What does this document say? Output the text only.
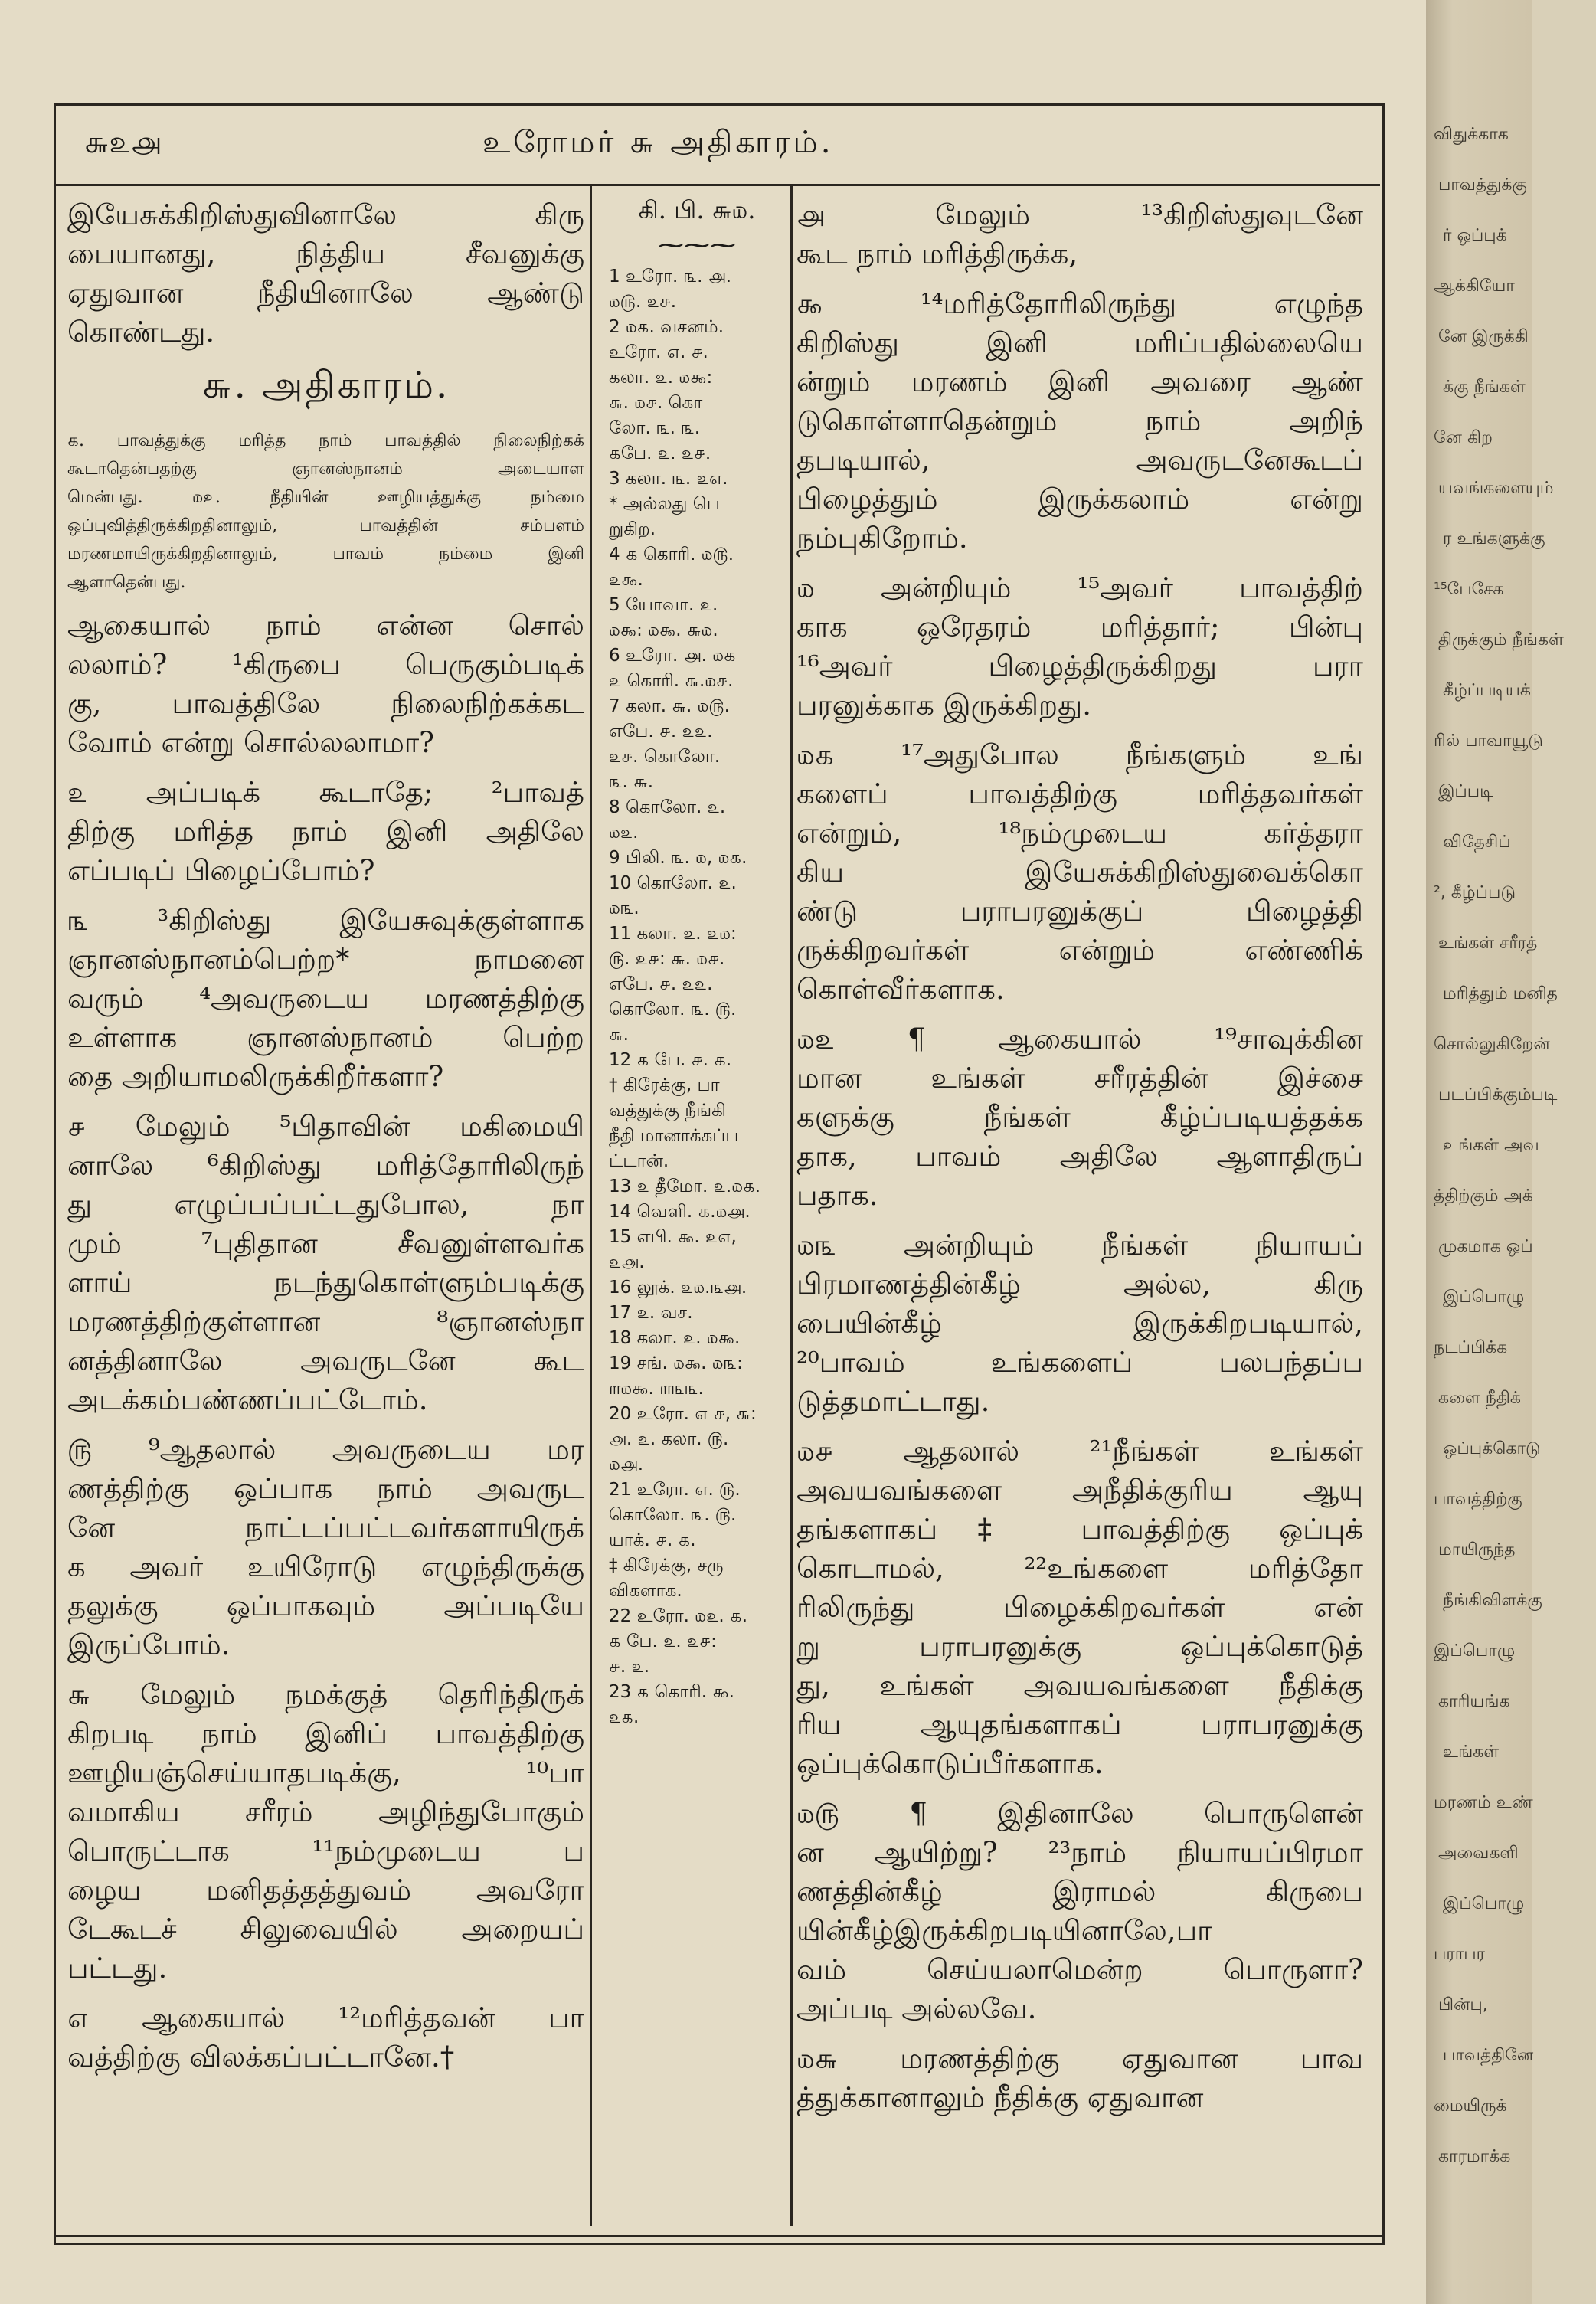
விதுக்காக
பாவத்துக்கு
ர் ஒப்புக்
ஆக்கியோ
னே இருக்கி
க்கு நீங்கள்
னே கிற
யவங்களையும்
ர உங்களுக்கு
¹⁵பேசேக
திருக்கும் நீங்கள்
கீழ்ப்படியக்
ரில் பாவாயூடு
இப்படி
விதேசிப்
², கீழ்ப்படு
உங்கள் சரீரத்
மரித்தும் மனித
சொல்லுகிறேன்
படப்பிக்கும்படி
உங்கள் அவ
த்திற்கும் அக்
முகமாக ஒப்
இப்பொழு
நடப்பிக்க
களை நீதிக்
ஒப்புக்கொடு
பாவத்திற்கு
மாயிருந்த
நீங்கிவிளக்கு
இப்பொழு
காரியங்க
உங்கள்
மரணம் உண்
அவைகளி
இப்பொழு
பராபர
பின்பு,
பாவத்தினே
மையிருக்
காரமாக்க
௬௨௮	உரோமர் ௬ அதிகாரம்.
இயேசுக்கிறிஸ்துவினாலே கிரு
பையானது, நித்திய சீவனுக்கு
ஏதுவான நீதியினாலே ஆண்டு
கொண்டது.
௬. அதிகாரம்.
௧. பாவத்துக்கு மரித்த நாம் பாவத்தில் நிலைநிற்கக்
கூடாதென்பதற்கு ஞானஸ்நானம் அடையாள
மென்பது. ௰௨. நீதியின் ஊழியத்துக்கு நம்மை
ஒப்புவித்திருக்கிறதினாலும், பாவத்தின் சம்பளம்
மரணமாயிருக்கிறதினாலும், பாவம் நம்மை இனி
ஆளாதென்பது.
ஆகையால் நாம் என்ன சொல்
லலாம்? ¹கிருபை பெருகும்படிக்
கு, பாவத்திலே நிலைநிற்கக்கட
வோம் என்று சொல்லலாமா?
௨ அப்படிக் கூடாதே; ²பாவத்
திற்கு மரித்த நாம் இனி அதிலே
எப்படிப் பிழைப்போம்?
௩ ³கிறிஸ்து இயேசுவுக்குள்ளாக
ஞானஸ்நானம்பெற்ற* நாமனை
வரும் ⁴அவருடைய மரணத்திற்கு
உள்ளாக ஞானஸ்நானம் பெற்ற
தை அறியாமலிருக்கிறீர்களா?
௪ மேலும் ⁵பிதாவின் மகிமையி
னாலே ⁶கிறிஸ்து மரித்தோரிலிருந்
து எழுப்பப்பட்டதுபோல, நா
மும் ⁷புதிதான சீவனுள்ளவர்க
ளாய் நடந்துகொள்ளும்படிக்கு
மரணத்திற்குள்ளான ⁸ஞானஸ்நா
னத்தினாலே அவருடனே கூட
அடக்கம்பண்ணப்பட்டோம்.
௫ ⁹ஆதலால் அவருடைய மர
ணத்திற்கு ஒப்பாக நாம் அவருட
னே நாட்டப்பட்டவர்களாயிருக்
க அவர் உயிரோடு எழுந்திருக்கு
தலுக்கு ஒப்பாகவும் அப்படியே
இருப்போம்.
௬ மேலும் நமக்குத் தெரிந்திருக்
கிறபடி நாம் இனிப் பாவத்திற்கு
ஊழியஞ்செய்யாதபடிக்கு, ¹⁰பா
வமாகிய சரீரம் அழிந்துபோகும்
பொருட்டாக ¹¹நம்முடைய ப
ழைய மனிதத்தத்துவம் அவரோ
டேகூடச் சிலுவையில் அறையப்
பட்டது.
௭ ஆகையால் ¹²மரித்தவன் பா
வத்திற்கு விலக்கப்பட்டானே.†
கி. பி. ௬௰.
⁓⁓⁓
1 உரோ. ௩. ௮.
௰௫. ௨௪.
2 ௰௧. வசனம்.
உரோ. ௭. ௪.
கலா. ௨. ௰௯:
௬. ௰௪. கொ
லோ. ௩. ௩.
௧பே. ௨. ௨௪.
3 கலா. ௩. ௨௭.
* அல்லது பெ
றுகிற.
4 ௧ கொரி. ௰௫.
௨௯.
5 யோவா. ௨.
௰௯: ௰௯. ௬௰.
6 உரோ. ௮. ௰௧
௨ கொரி. ௬.௰௪.
7 கலா. ௬. ௰௫.
எபே. ௪. ௨௨.
௨௪. கொலோ.
௩. ௬.
8 கொலோ. ௨.
௰௨.
9 பிலி. ௩. ௰, ௰௧.
10 கொலோ. ௨.
௰௩.
11 கலா. ௨. ௨௰:
௫. ௨௪: ௬. ௰௪.
எபே. ௪. ௨௨.
கொலோ. ௩. ௫.
௬.
12 ௧ பே. ௪. ௧.
† கிரேக்கு, பா
வத்துக்கு நீங்கி
நீதி மானாக்கப்ப
ட்டான்.
13 ௨ தீமோ. ௨.௰௧.
14 வெளி. ௧.௰௮.
15 எபி. ௯. ௨௭,
௨௮.
16 லூக். ௨௰.௩௮.
17 ௨. வச.
18 கலா. ௨. ௰௯.
19 சங். ௰௯. ௰௩:
௱௰௯. ௱௩௩.
20 உரோ. ௭ ௪, ௬:
௮. ௨. கலா. ௫.
௰௮.
21 உரோ. ௭. ௫.
கொலோ. ௩. ௫.
யாக். ௪. ௧.
‡ கிரேக்கு, சரு
விகளாக.
22 உரோ. ௰௨. ௧.
௧ பே. ௨. ௨௪:
௪. ௨.
23 ௧ கொரி. ௯.
௨௧.
௮ மேலும் ¹³கிறிஸ்துவுடனே
கூட நாம் மரித்திருக்க,
௯ ¹⁴மரித்தோரிலிருந்து எழுந்த
கிறிஸ்து இனி மரிப்பதில்லையெ
ன்றும் மரணம் இனி அவரை ஆண்
டுகொள்ளாதென்றும் நாம் அறிந்
தபடியால், அவருடனேகூடப்
பிழைத்தும் இருக்கலாம் என்று
நம்புகிறோம்.
௰ அன்றியும் ¹⁵அவர் பாவத்திற்
காக ஒரேதரம் மரித்தார்; பின்பு
¹⁶அவர் பிழைத்திருக்கிறது பரா
பரனுக்காக இருக்கிறது.
௰௧ ¹⁷அதுபோல நீங்களும் உங்
களைப் பாவத்திற்கு மரித்தவர்கள்
என்றும், ¹⁸நம்முடைய கர்த்தரா
கிய இயேசுக்கிறிஸ்துவைக்கொ
ண்டு பராபரனுக்குப் பிழைத்தி
ருக்கிறவர்கள் என்றும் எண்ணிக்
கொள்வீர்களாக.
௰௨ ¶ ஆகையால் ¹⁹சாவுக்கின
மான உங்கள் சரீரத்தின் இச்சை
களுக்கு நீங்கள் கீழ்ப்படியத்தக்க
தாக, பாவம் அதிலே ஆளாதிருப்
பதாக.
௰௩ அன்றியும் நீங்கள் நியாயப்
பிரமாணத்தின்கீழ் அல்ல, கிரு
பையின்கீழ் இருக்கிறபடியால்,
²⁰பாவம் உங்களைப் பலபந்தப்ப
டுத்தமாட்டாது.
௰௪ ஆதலால் ²¹நீங்கள் உங்கள்
அவயவங்களை அநீதிக்குரிய ஆயு
தங்களாகப்‡ பாவத்திற்கு ஒப்புக்
கொடாமல், ²²உங்களை மரித்தோ
ரிலிருந்து பிழைக்கிறவர்கள் என்
று பராபரனுக்கு ஒப்புக்கொடுத்
து, உங்கள் அவயவங்களை நீதிக்கு
ரிய ஆயுதங்களாகப் பராபரனுக்கு
ஒப்புக்கொடுப்பீர்களாக.
௰௫ ¶ இதினாலே பொருளென்
ன ஆயிற்று? ²³நாம் நியாயப்பிரமா
ணத்தின்கீழ் இராமல் கிருபை
யின்கீழ்இருக்கிறபடியினாலே,பா
வம் செய்யலாமென்ற பொருளா?
அப்படி அல்லவே.
௰௬ மரணத்திற்கு ஏதுவான பாவ
த்துக்கானாலும் நீதிக்கு ஏதுவான
